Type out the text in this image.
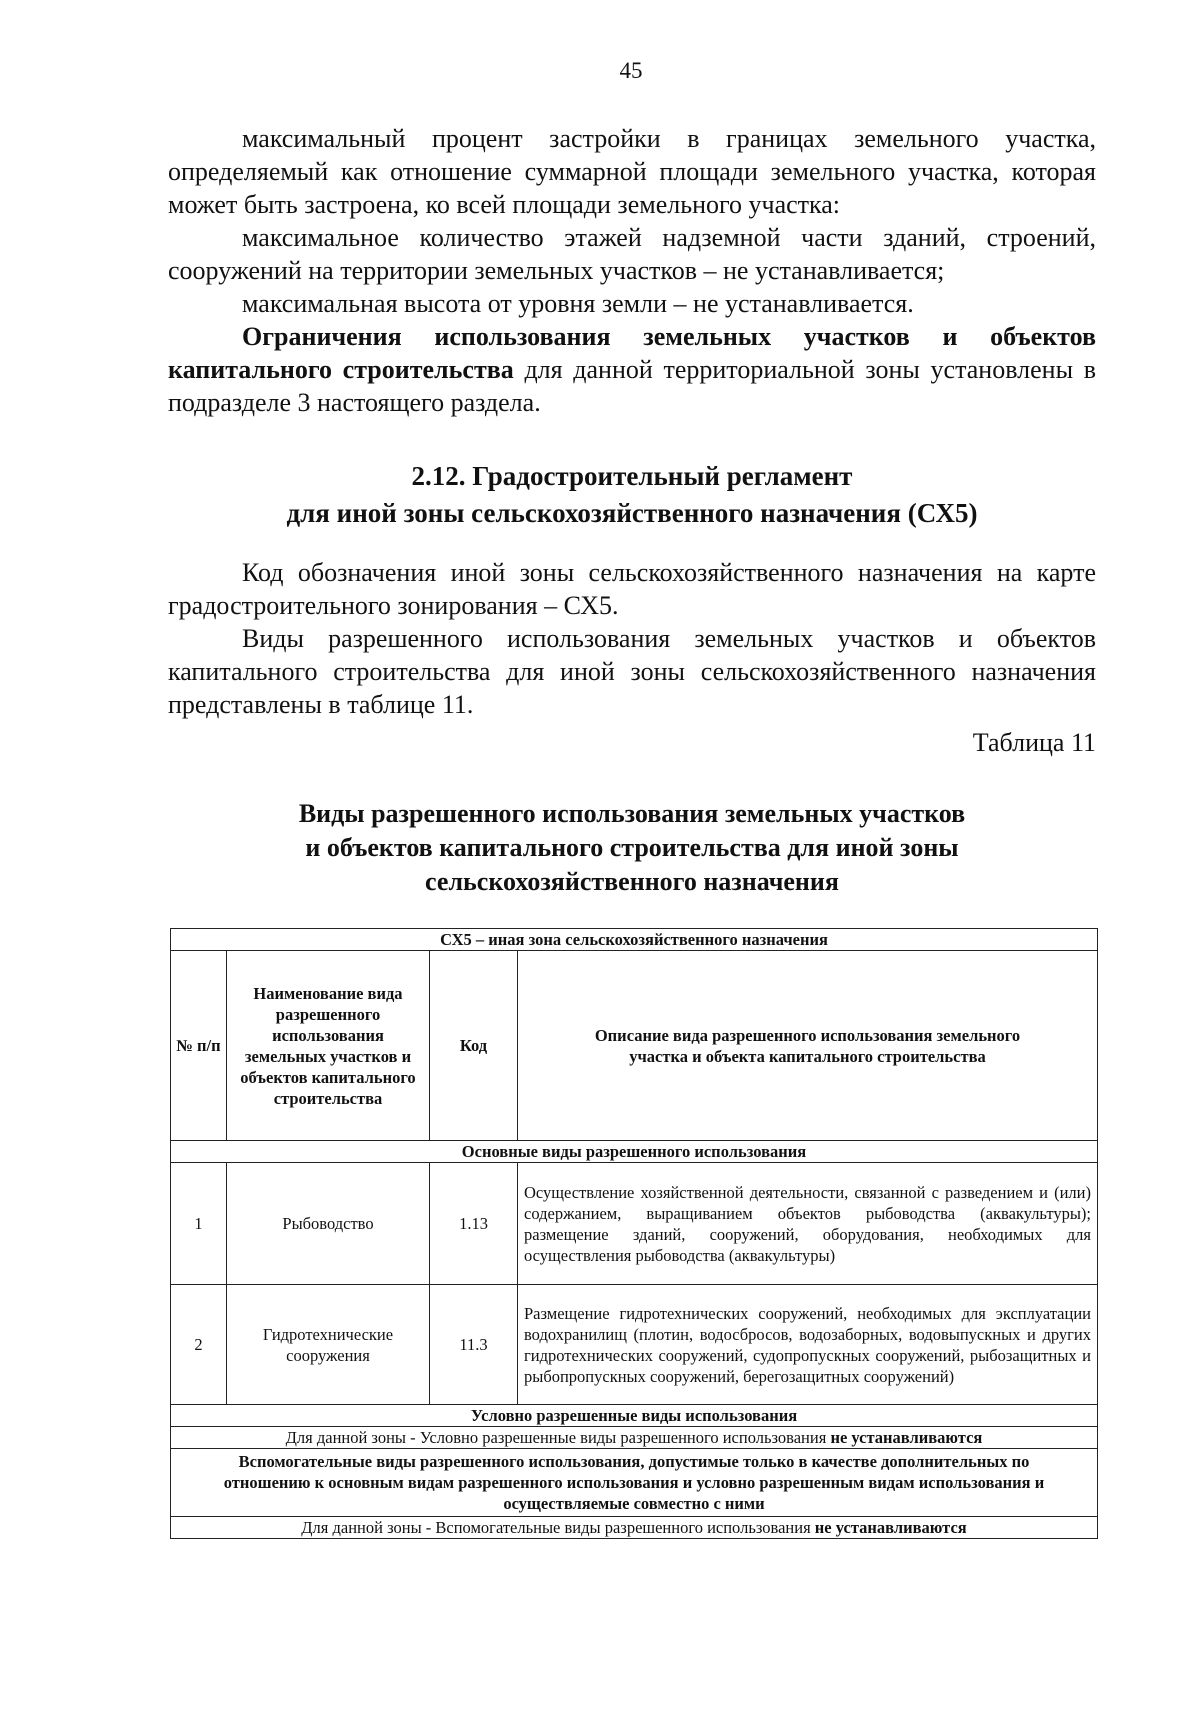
45

максимальный процент застройки в границах земельного участка, определяемый как отношение суммарной площади земельного участка, которая может быть застроена, ко всей площади земельного участка:

максимальное количество этажей надземной части зданий, строений, сооружений на территории земельных участков – не устанавливается;

максимальная высота от уровня земли – не устанавливается.

Ограничения использования земельных участков и объектов капитального строительства для данной территориальной зоны установлены в подразделе 3 настоящего раздела.

2.12. Градостроительный регламент
для иной зоны сельскохозяйственного назначения (СХ5)

Код обозначения иной зоны сельскохозяйственного назначения на карте градостроительного зонирования – СХ5.

Виды разрешенного использования земельных участков и объектов капитального строительства для иной зоны сельскохозяйственного назначения представлены в таблице 11.

Таблица 11
Виды разрешенного использования земельных участков
и объектов капитального строительства для иной зоны
сельскохозяйственного назначения
СХ5 – иная зона сельскохозяйственного назначения			
№ п/п	Наименование вида разрешенного использования земельных участков и объектов капитального строительства	Код	Описание вида разрешенного использования земельного участка и объекта капитального строительства
Основные виды разрешенного использования			
1	Рыбоводство	1.13	Осуществление хозяйственной деятельности, связанной с разведением и (или) содержанием, выращиванием объектов рыбоводства (аквакультуры); размещение зданий, сооружений, оборудования, необходимых для осуществления рыбоводства (аквакультуры)
2	Гидротехнические сооружения	11.3	Размещение гидротехнических сооружений, необходимых для эксплуатации водохранилищ (плотин, водосбросов, водозаборных, водовыпускных и других гидротехнических сооружений, судопропускных сооружений, рыбозащитных и рыбопропускных сооружений, берегозащитных сооружений)
Условно разрешенные виды использования			
Для данной зоны - Условно разрешенные виды разрешенного использования не устанавливаются			
Вспомогательные виды разрешенного использования, допустимые только в качестве дополнительных по отношению к основным видам разрешенного использования и условно разрешенным видам использования и осуществляемые совместно с ними			
Для данной зоны - Вспомогательные виды разрешенного использования не устанавливаются			
